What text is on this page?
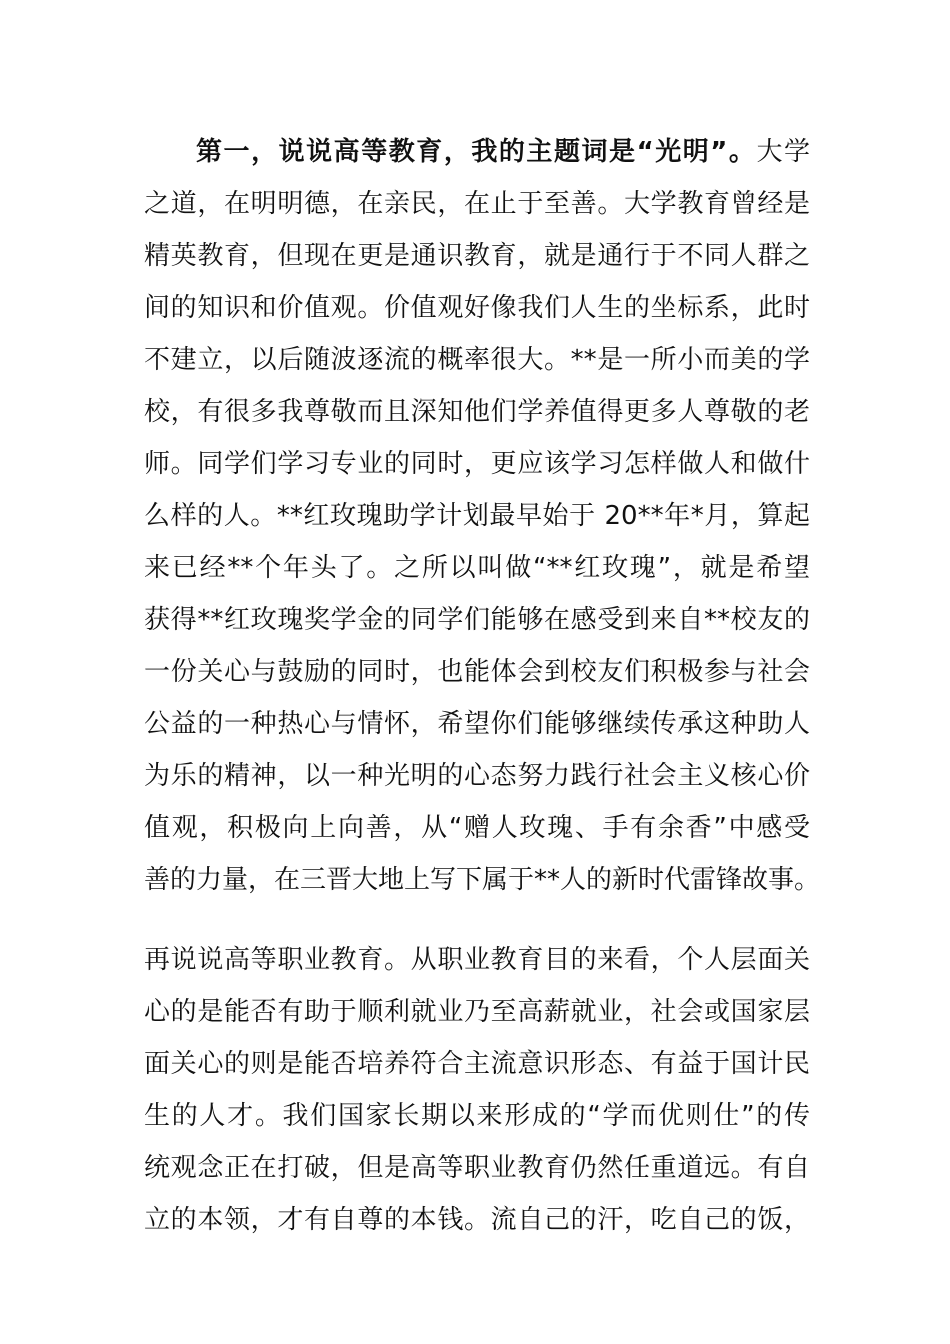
第一，说说高等教育，我的主题词是“光明”。大学
之道，在明明德，在亲民，在止于至善。大学教育曾经是
精英教育，但现在更是通识教育，就是通行于不同人群之
间的知识和价值观。价值观好像我们人生的坐标系，此时
不建立，以后随波逐流的概率很大。**是一所小而美的学
校，有很多我尊敬而且深知他们学养值得更多人尊敬的老
师。同学们学习专业的同时，更应该学习怎样做人和做什
么样的人。**红玫瑰助学计划最早始于 20**年*月，算起
来已经**个年头了。之所以叫做“**红玫瑰”，就是希望
获得**红玫瑰奖学金的同学们能够在感受到来自**校友的
一份关心与鼓励的同时，也能体会到校友们积极参与社会
公益的一种热心与情怀，希望你们能够继续传承这种助人
为乐的精神，以一种光明的心态努力践行社会主义核心价
值观，积极向上向善，从“赠人玫瑰、手有余香”中感受
善的力量，在三晋大地上写下属于**人的新时代雷锋故事。
再说说高等职业教育。从职业教育目的来看，个人层面关
心的是能否有助于顺利就业乃至高薪就业，社会或国家层
面关心的则是能否培养符合主流意识形态、有益于国计民
生的人才。我们国家长期以来形成的“学而优则仕”的传
统观念正在打破，但是高等职业教育仍然任重道远。有自
立的本领，才有自尊的本钱。流自己的汗，吃自己的饭，
